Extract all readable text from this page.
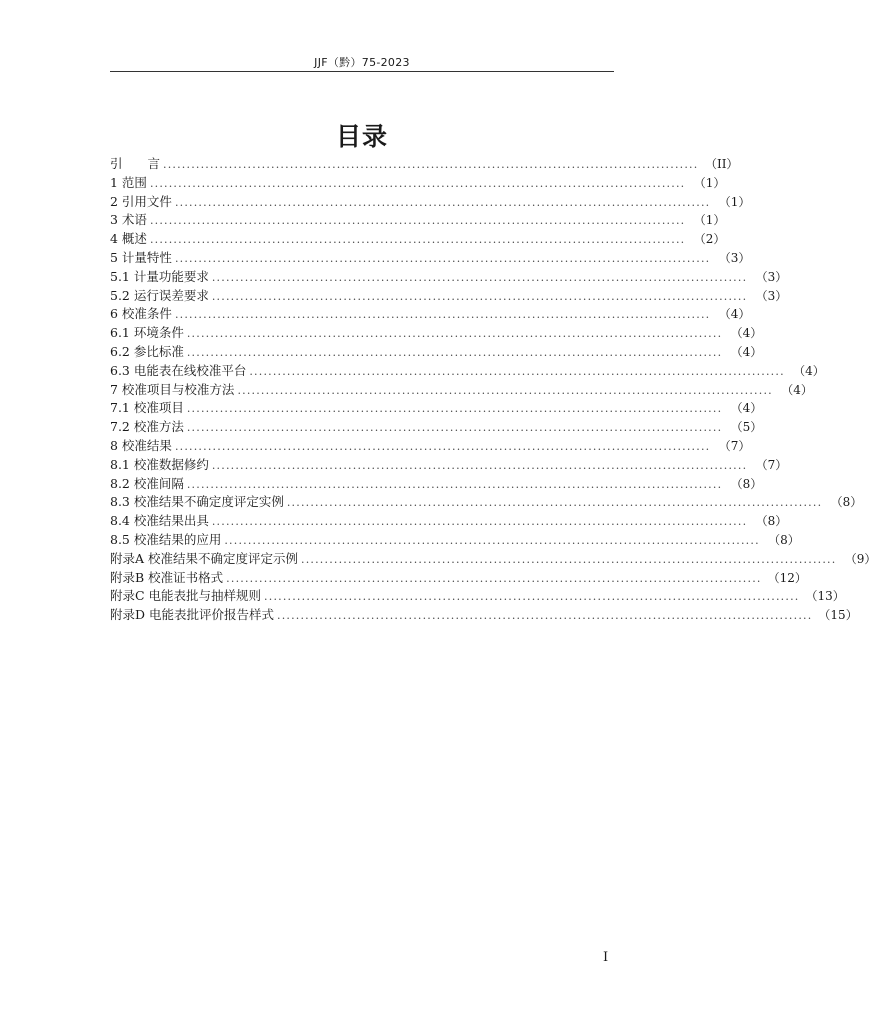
JJF（黔）75-2023
目录
引　　言 .................................................................................................................. （II）
1 范围 .................................................................................................................. （1）
2 引用文件 .................................................................................................................. （1）
3 术语 .................................................................................................................. （1）
4 概述 .................................................................................................................. （2）
5 计量特性 .................................................................................................................. （3）
5.1 计量功能要求 .................................................................................................................. （3）
5.2 运行误差要求 .................................................................................................................. （3）
6 校准条件 .................................................................................................................. （4）
6.1 环境条件 .................................................................................................................. （4）
6.2 参比标准 .................................................................................................................. （4）
6.3 电能表在线校准平台 .................................................................................................................. （4）
7 校准项目与校准方法 .................................................................................................................. （4）
7.1 校准项目 .................................................................................................................. （4）
7.2 校准方法 .................................................................................................................. （5）
8 校准结果 .................................................................................................................. （7）
8.1 校准数据修约 .................................................................................................................. （7）
8.2 校准间隔 .................................................................................................................. （8）
8.3 校准结果不确定度评定实例 .................................................................................................................. （8）
8.4 校准结果出具 .................................................................................................................. （8）
8.5 校准结果的应用 .................................................................................................................. （8）
附录A 校准结果不确定度评定示例 .................................................................................................................. （9）
附录B 校准证书格式 .................................................................................................................. （12）
附录C 电能表批与抽样规则 .................................................................................................................. （13）
附录D 电能表批评价报告样式 .................................................................................................................. （15）
I
